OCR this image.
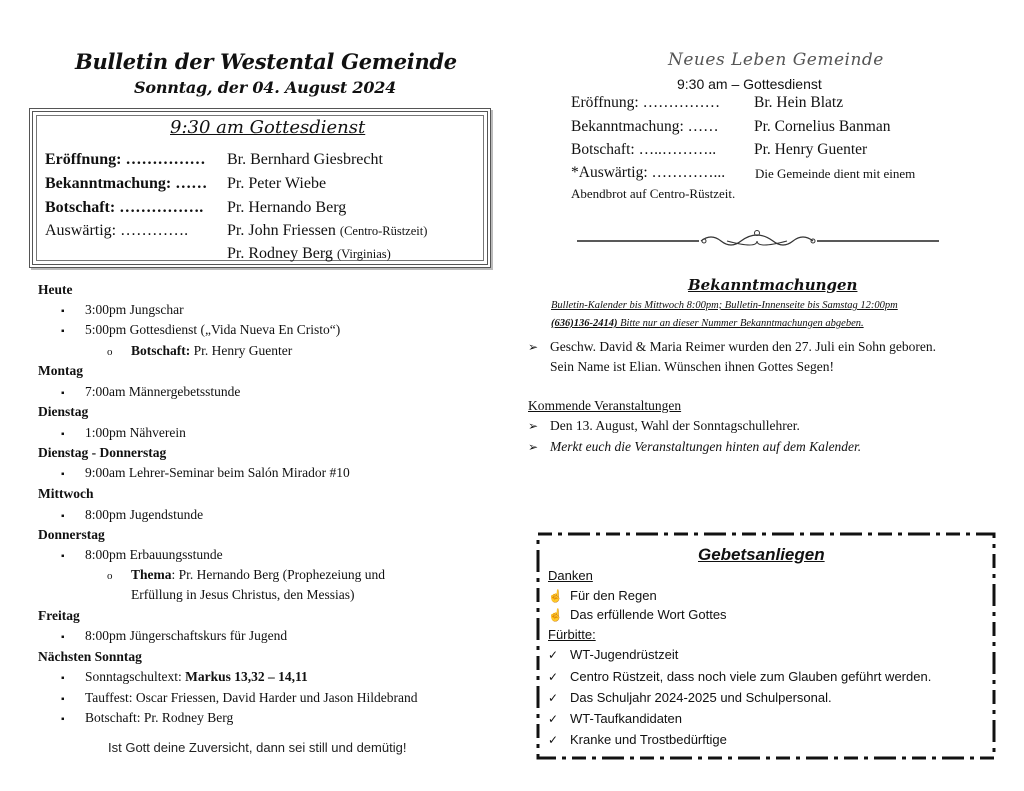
Bulletin der Westental Gemeinde
Sonntag, der 04. August 2024
9:30 am Gottesdienst
Eröffnung: …………… Br. Bernhard Giesbrecht
Bekanntmachung: …… Pr. Peter Wiebe
Botschaft: ……………. Pr. Hernando Berg
Auswärtig: …………. Pr. John Friessen (Centro-Rüstzeit)
Pr. Rodney Berg (Virginias)
Heute
▪ 3:00pm Jungschar
▪ 5:00pm Gottesdienst („Vida Nueva En Cristo“)
o Botschaft: Pr. Henry Guenter
Montag
▪ 7:00am Männergebetsstunde
Dienstag
▪ 1:00pm Nähverein
Dienstag - Donnerstag
▪ 9:00am Lehrer-Seminar beim Salón Mirador #10
Mittwoch
▪ 8:00pm Jugendstunde
Donnerstag
▪ 8:00pm Erbauungsstunde
o Thema: Pr. Hernando Berg (Prophezeiung und
Erfüllung in Jesus Christus, den Messias)
Freitag
▪ 8:00pm Jüngerschaftskurs für Jugend
Nächsten Sonntag
▪ Sonntagschultext: Markus 13,32 – 14,11
▪ Tauffest: Oscar Friessen, David Harder und Jason Hildebrand
▪ Botschaft: Pr. Rodney Berg
Ist Gott deine Zuversicht, dann sei still und demütig!
Neues Leben Gemeinde
9:30 am – Gottesdienst
Eröffnung: …………… Br. Hein Blatz
Bekanntmachung: …… Pr. Cornelius Banman
Botschaft: …..……….. Pr. Henry Guenter
*Auswärtig: …………...	Die Gemeinde dient mit einem
Abendbrot auf Centro-Rüstzeit.
Bekanntmachungen
Bulletin-Kalender bis Mittwoch 8:00pm; Bulletin-Innenseite bis Samstag 12:00pm
(636)136-2414) Bitte nur an dieser Nummer Bekanntmachungen abgeben.
➢ Geschw. David & Maria Reimer wurden den 27. Juli ein Sohn geboren.
Sein Name ist Elian. Wünschen ihnen Gottes Segen!
Kommende Veranstaltungen
➢ Den 13. August, Wahl der Sonntagschullehrer.
➢ Merkt euch die Veranstaltungen hinten auf dem Kalender.
Gebetsanliegen
Danken
☝ Für den Regen
☝ Das erfüllende Wort Gottes
Fürbitte:
✓ WT-Jugendrüstzeit
✓ Centro Rüstzeit, dass noch viele zum Glauben geführt werden.
✓ Das Schuljahr 2024-2025 und Schulpersonal.
✓ WT-Taufkandidaten
✓ Kranke und Trostbedürftige
